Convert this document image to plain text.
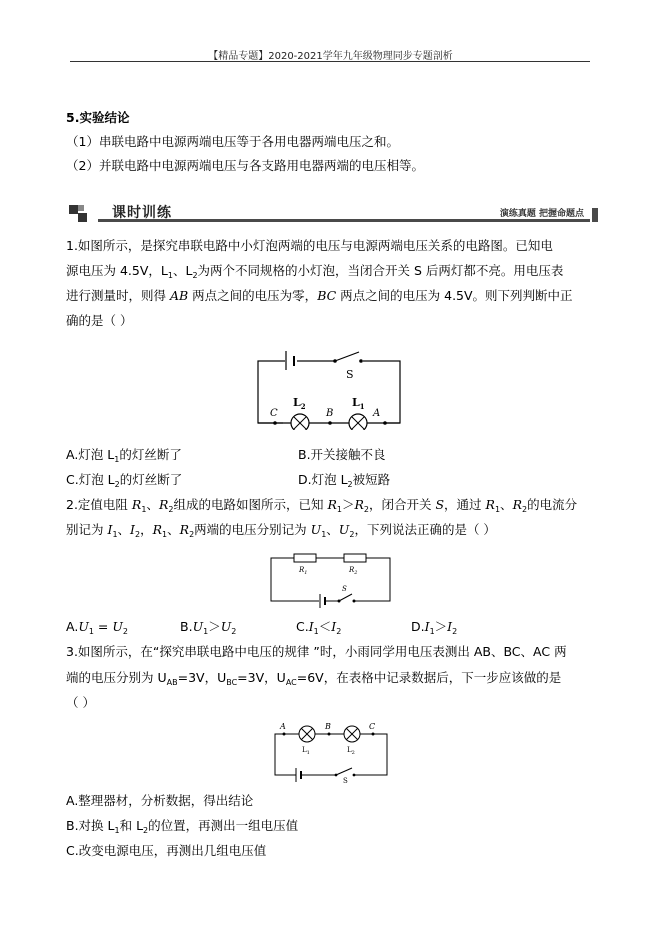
【精品专题】2020-2021学年九年级物理同步专题剖析
5.实验结论
（1）串联电路中电源两端电压等于各用电器两端电压之和。
（2）并联电路中电源两端电压与各支路用电器两端的电压相等。
课时训练	演练真题 把握命题点
1.如图所示，是探究串联电路中小灯泡两端的电压与电源两端电压关系的电路图。已知电
源电压为 4.5V，$L_1$、$L_2$为两个不同规格的小灯泡，当闭合开关 S 后两灯都不亮。用电压表
进行测量时，则得 AB 两点之间的电压为零，BC 两点之间的电压为 4.5V。则下列判断中正
确的是（ ）
S
$L_2$	$L_1$
C	B	A
A.灯泡 $L_1$的灯丝断了	B.开关接触不良
C.灯泡 $L_2$的灯丝断了	D.灯泡 $L_2$被短路
2.定值电阻 $R_1$、$R_2$组成的电路如图所示，已知 $R_1>R_2$，闭合开关 S，通过 $R_1$、$R_2$的电流分
别记为 $I_1$、$I_2$，$R_1$、$R_2$两端的电压分别记为 $U_1$、$U_2$，下列说法正确的是（ ）
$R_1$	$R_2$
S
$A.U_1 = U_2$	$B.U_1>U_2$	$C.I_1<I_2$	$D.I_1>I_2$
3.如图所示，在“探究串联电路中电压的规律 ”时，小雨同学用电压表测出 AB、BC、AC 两
端的电压分别为 $U_{AB}=3V$，$U_{BC}=3V$，$U_{AC}=6V$，在表格中记录数据后，下一步应该做的是
（ ）
A	B	C
$L_1$	$L_2$
S
A.整理器材，分析数据，得出结论
B.对换 $L_1$和 $L_2$的位置，再测出一组电压值
C.改变电源电压，再测出几组电压值
